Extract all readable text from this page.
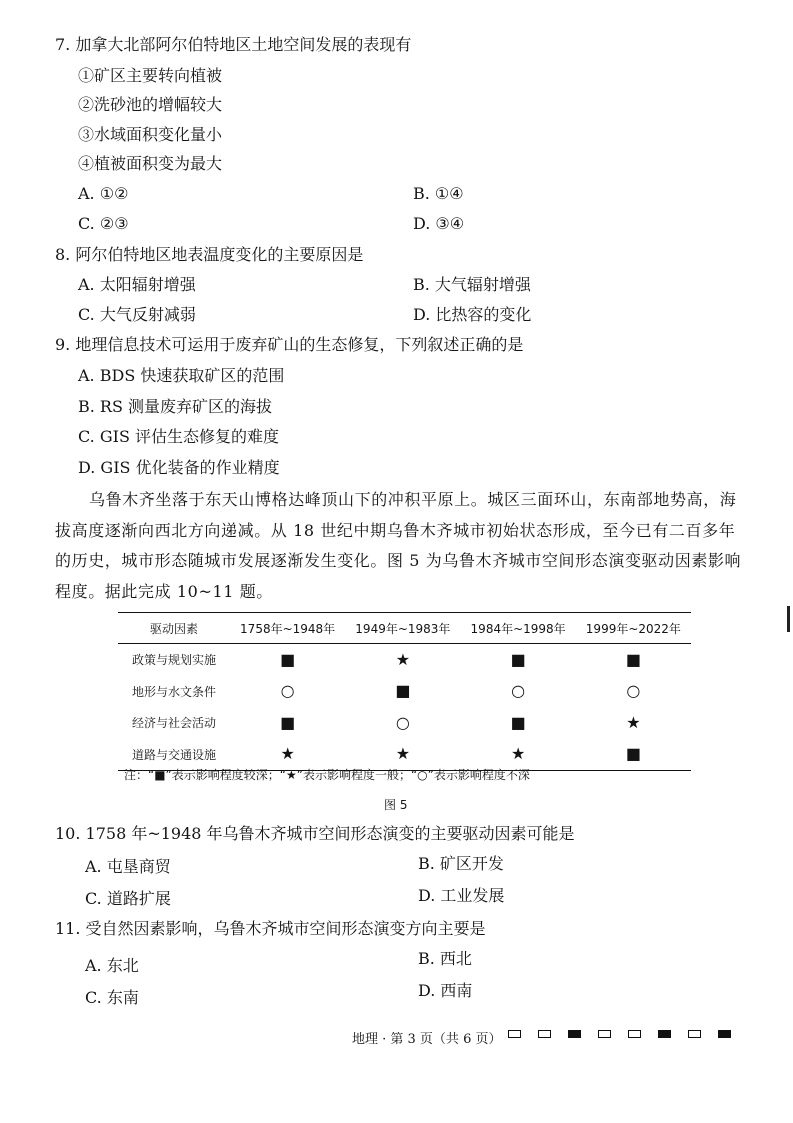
7. 加拿大北部阿尔伯特地区土地空间发展的表现有
①矿区主要转向植被
②洗砂池的增幅较大
③水域面积变化量小
④植被面积变为最大
A. ①②	B. ①④
C. ②③	D. ③④
8. 阿尔伯特地区地表温度变化的主要原因是
A. 太阳辐射增强	B. 大气辐射增强
C. 大气反射减弱	D. 比热容的变化
9. 地理信息技术可运用于废弃矿山的生态修复，下列叙述正确的是
A. BDS 快速获取矿区的范围
B. RS 测量废弃矿区的海拔
C. GIS 评估生态修复的难度
D. GIS 优化装备的作业精度
乌鲁木齐坐落于东天山博格达峰顶山下的冲积平原上。城区三面环山，东南部地势高，海拔高度逐渐向西北方向递减。从 18 世纪中期乌鲁木齐城市初始状态形成，至今已有二百多年的历史，城市形态随城市发展逐渐发生变化。图 5 为乌鲁木齐城市空间形态演变驱动因素影响程度。据此完成 10~11 题。
驱动因素	1758年~1948年	1949年~1983年	1984年~1998年	1999年~2022年
政策与规划实施	■	★	■	■
地形与水文条件	○	■	○	○
经济与社会活动	■	○	■	★
道路与交通设施	★	★	★	■
注：“■”表示影响程度较深；“★”表示影响程度一般；“○”表示影响程度不深
图 5
10. 1758 年~1948 年乌鲁木齐城市空间形态演变的主要驱动因素可能是
A. 屯垦商贸	B. 矿区开发
C. 道路扩展	D. 工业发展
11. 受自然因素影响，乌鲁木齐城市空间形态演变方向主要是
A. 东北	B. 西北
C. 东南	D. 西南
地理 · 第 3 页（共 6 页）
